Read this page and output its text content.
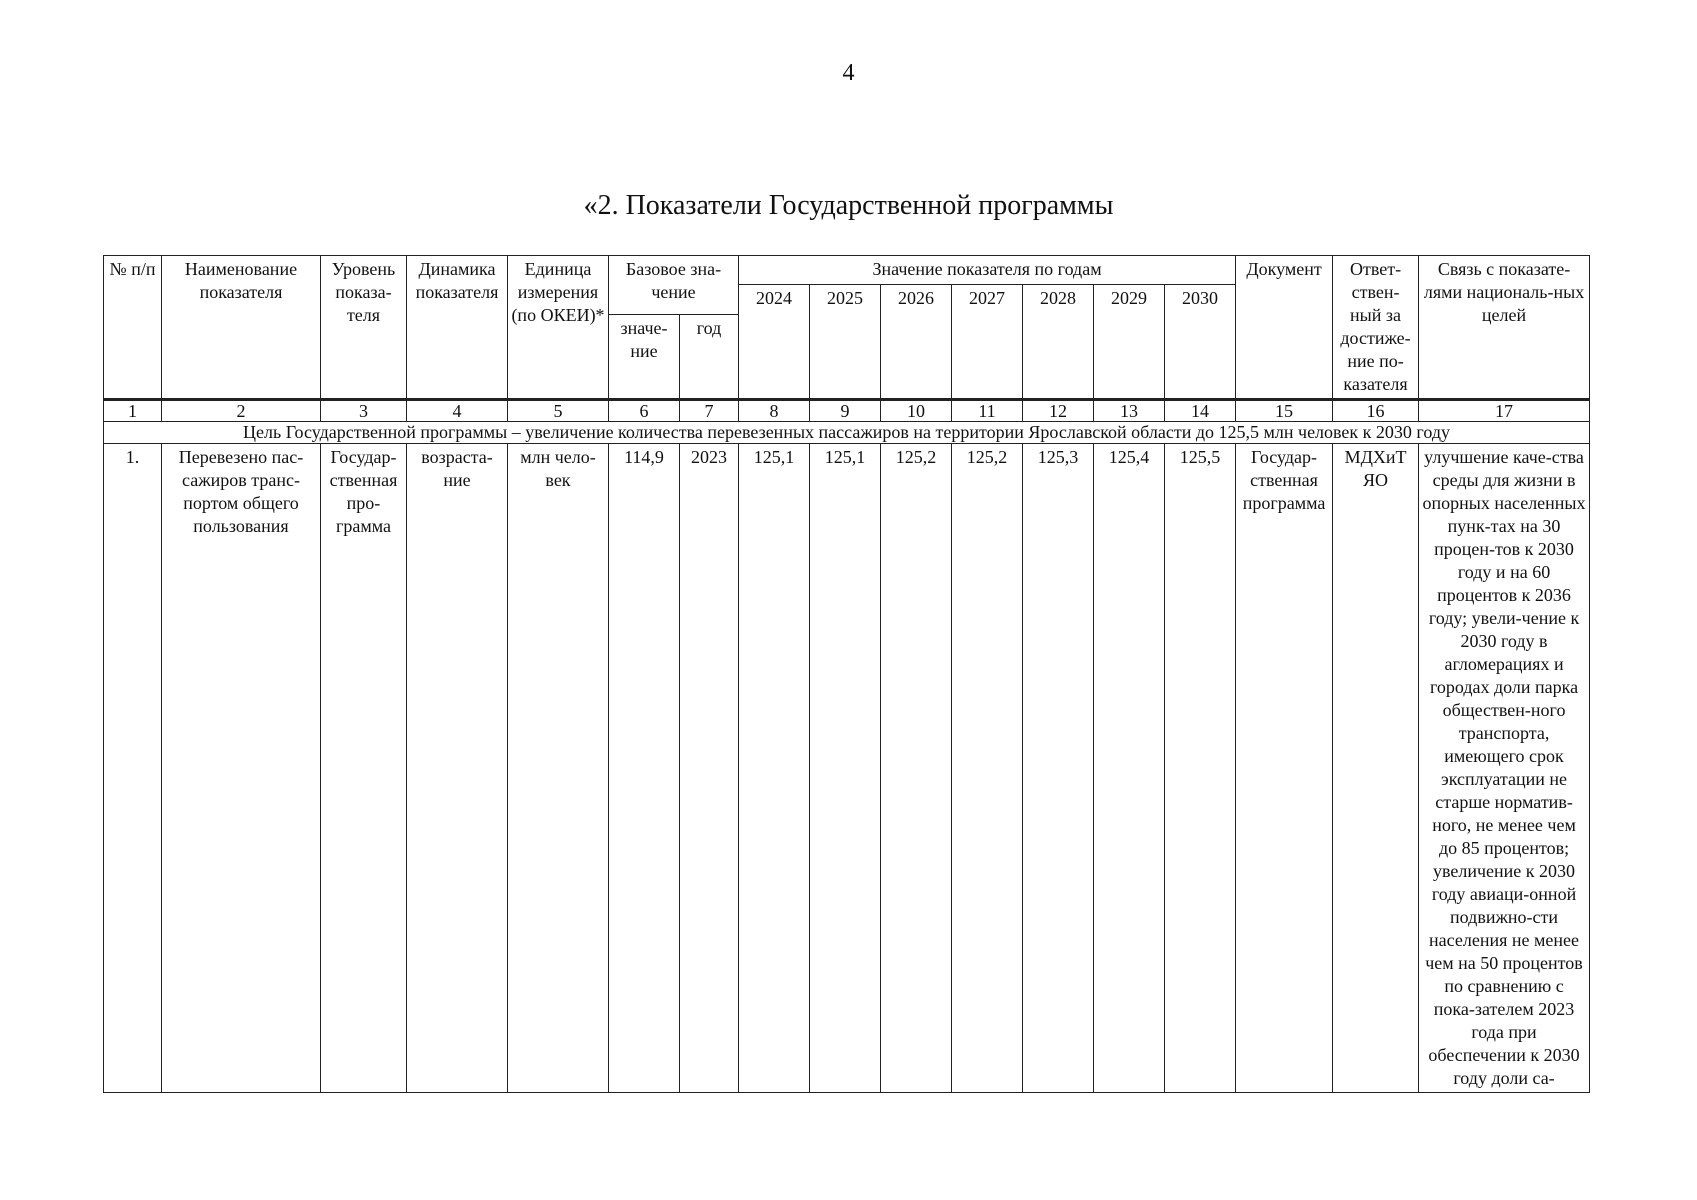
4
«2. Показатели Государственной программы
№ п/п	Наименование показателя	Уровень показа-теля	Динамика показателя	Единица измерения (по ОКЕИ)*	Базовое зна-чение		Значение показателя по годам							Документ	Ответ-ствен-ный за достиже-ние по-казателя	Связь с показате-лями националь-ных целей
							2024	2025	2026	2027	2028	2029	2030			
					значе-ние	год										
1	2	3	4	5	6	7	8	9	10	11	12	13	14	15	16	17
Цель Государственной программы – увеличение количества перевезенных пассажиров на территории Ярославской области до 125,5 млн человек к 2030 году																
1.	Перевезено пас-сажиров транс-портом общего пользования	Государ-ственная про-грамма	возраста-ние	млн чело-век	114,9	2023	125,1	125,1	125,2	125,2	125,3	125,4	125,5	Государ-ственная программа	МДХиТ ЯО	улучшение каче-ства среды для жизни в опорных населенных пунк-тах на 30 процен-тов к 2030 году и на 60 процентов к 2036 году; увели-чение к 2030 году в агломерациях и городах доли парка обществен-ного транспорта, имеющего срок эксплуатации не старше норматив-ного, не менее чем до 85 процентов; увеличение к 2030 году авиаци-онной подвижно-сти населения не менее чем на 50 процентов по сравнению с пока-зателем 2023 года при обеспечении к 2030 году доли са-
